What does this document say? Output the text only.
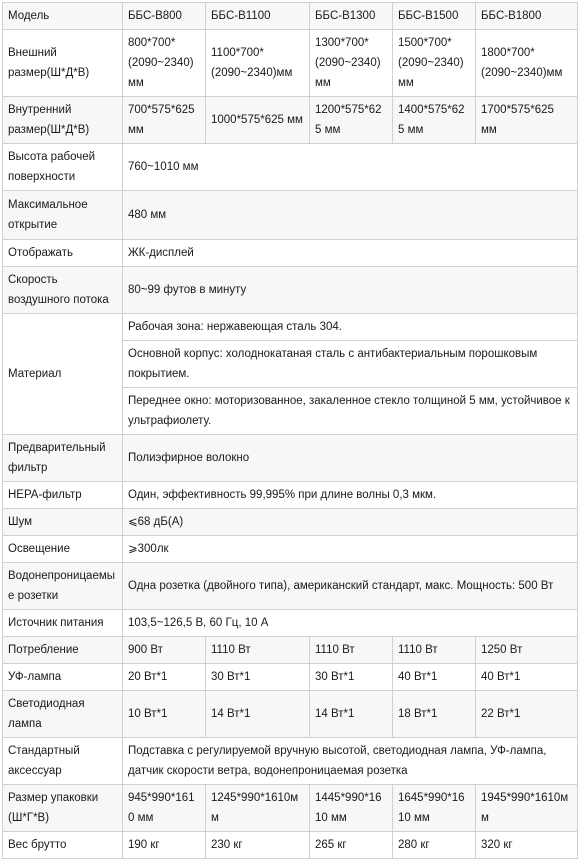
Модель	ББС-В800	ББС-В1100	ББС-В1300	ББС-В1500	ББС-В1800
Внешний размер(Ш*Д*В)	800*700*(2090~2340)мм	1100*700*(2090~2340)мм	1300*700*(2090~2340)мм	1500*700*(2090~2340)мм	1800*700*(2090~2340)мм
Внутренний размер(Ш*Д*В)	700*575*625 мм	1000*575*625 мм	1200*575*625 мм	1400*575*625 мм	1700*575*625 мм
Высота рабочей поверхности	760~1010 мм				
Максимальное открытие	480 мм				
Отображать	ЖК-дисплей				
Скорость воздушного потока	80~99 футов в минуту				
Материал	Рабочая зона: нержавеющая сталь 304.				
	Основной корпус: холоднокатаная сталь с антибактериальным порошковым покрытием.				
	Переднее окно: моторизованное, закаленное стекло толщиной 5 мм, устойчивое к ультрафиолету.				
Предварительный фильтр	Полиэфирное волокно				
HEPA-фильтр	Один, эффективность 99,995% при длине волны 0,3 мкм.				
Шум	⩽68 дБ(A)				
Освещение	⩾300лк				
Водонепроницаемые розетки	Одна розетка (двойного типа), американский стандарт, макс. Мощность: 500 Вт				
Источник питания	103,5~126,5 В, 60 Гц, 10 А				
Потребление	900 Вт	1110 Вт	1110 Вт	1110 Вт	1250 Вт
УФ-лампа	20 Вт*1	30 Вт*1	30 Вт*1	40 Вт*1	40 Вт*1
Светодиодная лампа	10 Вт*1	14 Вт*1	14 Вт*1	18 Вт*1	22 Вт*1
Стандартный аксессуар	Подставка с регулируемой вручную высотой, светодиодная лампа, УФ-лампа, датчик скорости ветра, водонепроницаемая розетка				
Размер упаковки (Ш*Г*В)	945*990*1610 мм	1245*990*1610мм	1445*990*1610 мм	1645*990*1610 мм	1945*990*1610мм
Вес брутто	190 кг	230 кг	265 кг	280 кг	320 кг
